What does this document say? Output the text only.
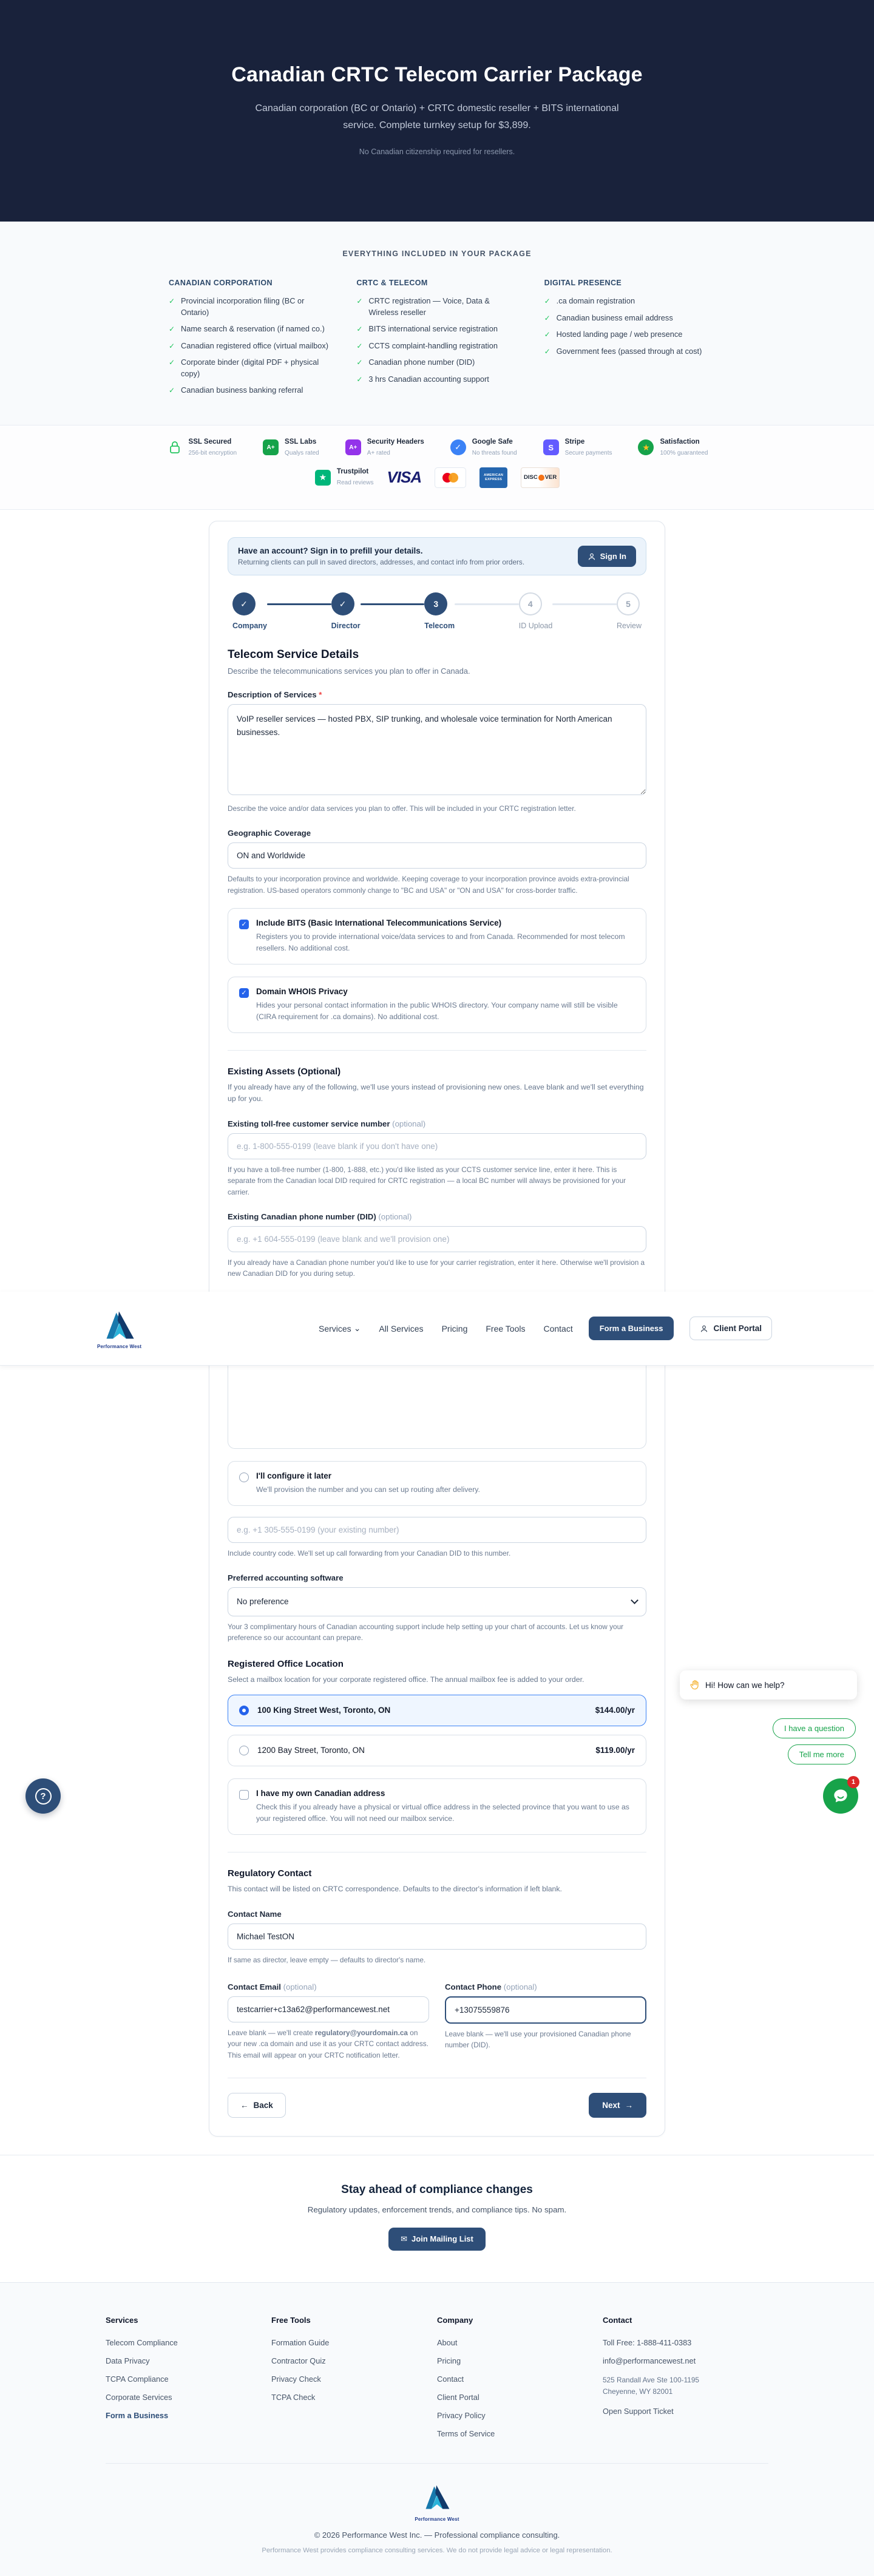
Canadian CRTC Telecom Carrier Package
Canadian corporation (BC or Ontario) + CRTC domestic reseller + BITS international service. Complete turnkey setup for $3,899.
No Canadian citizenship required for resellers.
EVERYTHING INCLUDED IN YOUR PACKAGE
CANADIAN CORPORATION
✓ Provincial incorporation filing (BC or Ontario)
✓ Name search & reservation (if named co.)
✓ Canadian registered office (virtual mailbox)
✓ Corporate binder (digital PDF + physical copy)
✓ Canadian business banking referral
CRTC & TELECOM
✓ CRTC registration — Voice, Data & Wireless reseller
✓ BITS international service registration
✓ CCTS complaint-handling registration
✓ Canadian phone number (DID)
✓ 3 hrs Canadian accounting support
DIGITAL PRESENCE
✓ .ca domain registration
✓ Canadian business email address
✓ Hosted landing page / web presence
✓ Government fees (passed through at cost)
SSL Secured
256-bit encryption
A+
SSL Labs
Qualys rated
A+
Security Headers
A+ rated
✓
Google Safe
No threats found
S
Stripe
Secure payments
★
Satisfaction
100% guaranteed
★
Trustpilot
Read reviews VISA	AMERICAN EXPRESS	DISC VER
Have an account? Sign in to prefill your details.
Returning clients can pull in saved directors, addresses, and contact info from prior orders.
Sign In
✓
Company
✓
Director
3
Telecom
4
ID Upload
5
Review
Telecom Service Details
Describe the telecommunications services you plan to offer in Canada.
Description of Services *
VoIP reseller services — hosted PBX, SIP trunking, and wholesale voice termination for North American businesses.
Describe the voice and/or data services you plan to offer. This will be included in your CRTC registration letter.
Geographic Coverage
ON and Worldwide
Defaults to your incorporation province and worldwide. Keeping coverage to your incorporation province avoids extra-provincial registration. US-based operators commonly change to "BC and USA" or "ON and USA" for cross-border traffic.
✓ Include BITS (Basic International Telecommunications Service)
Registers you to provide international voice/data services to and from Canada. Recommended for most telecom resellers. No additional cost.
✓ Domain WHOIS Privacy
Hides your personal contact information in the public WHOIS directory. Your company name will still be visible (CIRA requirement for .ca domains). No additional cost.
Existing Assets (Optional)
If you already have any of the following, we'll use yours instead of provisioning new ones. Leave blank and we'll set everything up for you.
Existing toll-free customer service number (optional)
e.g. 1-800-555-0199 (leave blank if you don't have one)
If you have a toll-free number (1-800, 1-888, etc.) you'd like listed as your CCTS customer service line, enter it here. This is separate from the Canadian local DID required for CRTC registration — a local BC number will always be provisioned for your carrier.
Existing Canadian phone number (DID) (optional)
e.g. +1 604-555-0199 (leave blank and we'll provision one)
If you already have a Canadian phone number you'd like to use for your carrier registration, enter it here. Otherwise we'll provision a new Canadian DID for you during setup.
I'll configure it later
We'll provision the number and you can set up routing after delivery.
e.g. +1 305-555-0199 (your existing number)
Include country code. We'll set up call forwarding from your Canadian DID to this number.
Preferred accounting software
No preference
Your 3 complimentary hours of Canadian accounting support include help setting up your chart of accounts. Let us know your preference so our accountant can prepare.
Registered Office Location
Select a mailbox location for your corporate registered office. The annual mailbox fee is added to your order.
100 King Street West, Toronto, ON	$144.00/yr
1200 Bay Street, Toronto, ON	$119.00/yr
I have my own Canadian address
Check this if you already have a physical or virtual office address in the selected province that you want to use as your registered office. You will not need our mailbox service.
Regulatory Contact
This contact will be listed on CRTC correspondence. Defaults to the director's information if left blank.
Contact Name
Michael TestON
If same as director, leave empty — defaults to director's name.
Contact Email (optional)
testcarrier+c13a62@performancewest.net
Leave blank — we'll create regulatory@yourdomain.ca on your new .ca domain and use it as your CRTC contact address. This email will appear on your CRTC notification letter.
Contact Phone (optional)
+13075559876
Leave blank — we'll use your provisioned Canadian phone number (DID).
← Back	Next →
Stay ahead of compliance changes
Regulatory updates, enforcement trends, and compliance tips. No spam.
✉ Join Mailing List
Services
Telecom Compliance
Data Privacy
TCPA Compliance
Corporate Services
Form a Business
Free Tools
Formation Guide
Contractor Quiz
Privacy Check
TCPA Check
Company
About
Pricing
Contact
Client Portal
Privacy Policy
Terms of Service
Contact
Toll Free: 1-888-411-0383
info@performancewest.net
525 Randall Ave Ste 100-1195
Cheyenne, WY 82001
Open Support Ticket
Performance West
© 2026 Performance West Inc. — Professional compliance consulting.
Performance West provides compliance consulting services. We do not provide legal advice or legal representation.
Performance West
Services ⌄ All Services Pricing Free Tools Contact	Form a Business	Client Portal
Hi! How can we help?
I have a question
Tell me more
1
?
